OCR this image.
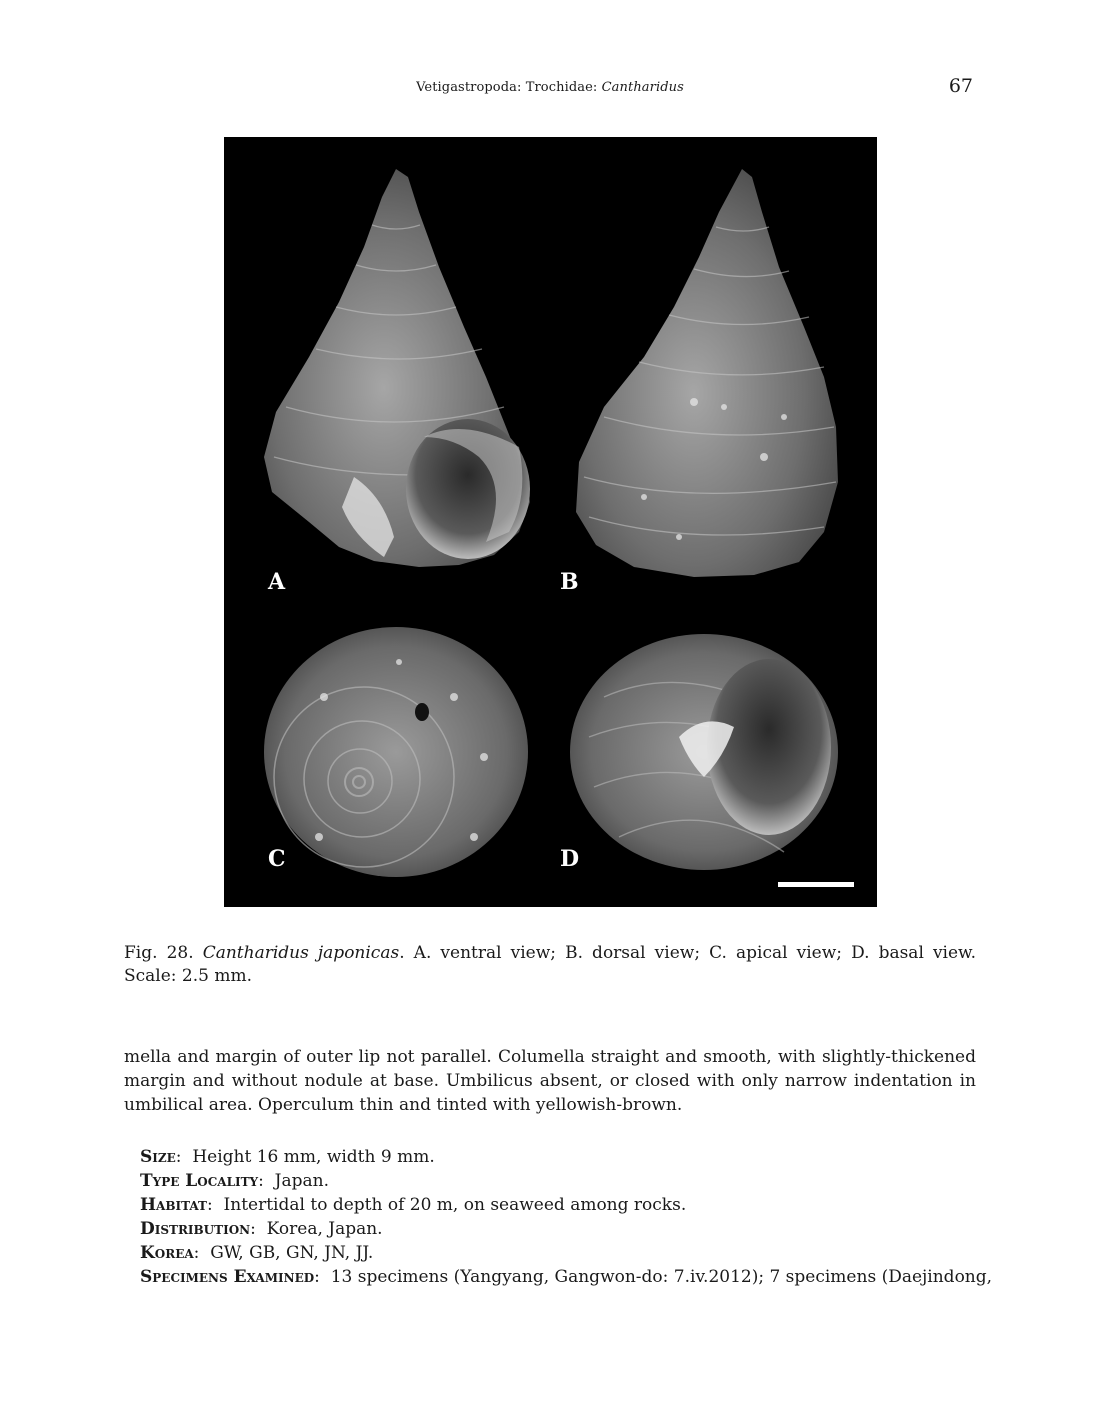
Vetigastropoda: Trochidae: Cantharidus	67
A	B
C	D
Fig. 28. Cantharidus japonicas. A. ventral view; B. dorsal view; C. apical view; D. basal view. Scale: 2.5 mm.
mella and margin of outer lip not parallel. Columella straight and smooth, with slightly-thickened margin and without nodule at base. Umbilicus absent, or closed with only narrow indentation in umbilical area. Operculum thin and tinted with yellowish-brown.
Size:  Height 16 mm, width 9 mm.
Type Locality:  Japan.
Habitat:  Intertidal to depth of 20 m, on seaweed among rocks.
Distribution:  Korea, Japan.
Korea:  GW, GB, GN, JN, JJ.
Specimens Examined:  13 specimens (Yangyang, Gangwon-do: 7.iv.2012); 7 specimens (Daejindong,
